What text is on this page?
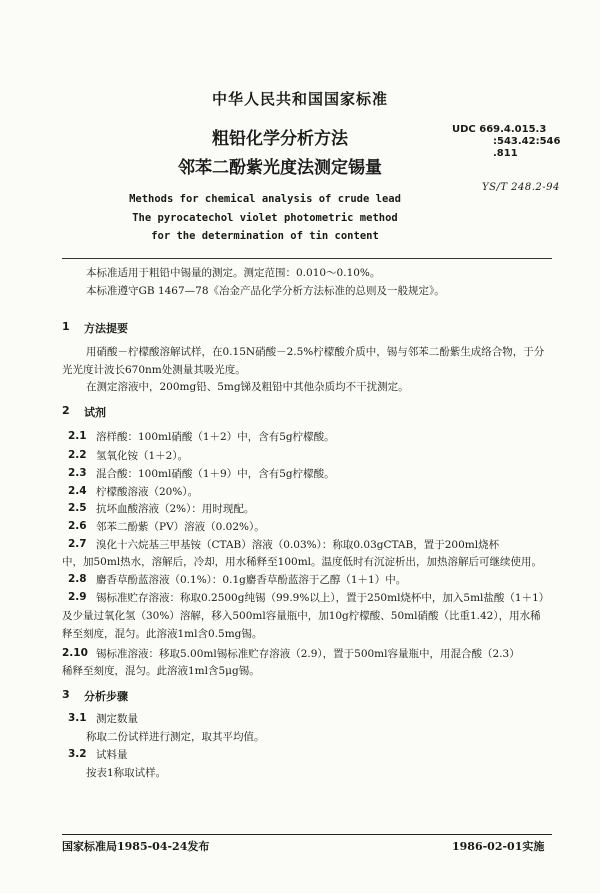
中华人民共和国国家标准
粗铅化学分析方法
邻苯二酚紫光度法测定锡量
UDC 669.4.015.3
:543.42:546
.811
YS/T 248.2-94
Methods for chemical analysis of crude lead
The pyrocatechol violet photometric method
for the determination of tin content
本标准适用于粗铅中锡量的测定。测定范围：0.010～0.10%。
本标准遵守GB 1467—78《冶金产品化学分析方法标准的总则及一般规定》。
1 方法提要
用硝酸－柠檬酸溶解试样，在0.15N硝酸－2.5%柠檬酸介质中，锡与邻苯二酚紫生成络合物，于分
光光度计波长670nm处测量其吸光度。
在测定溶液中，200mg铅、5mg锑及粗铅中其他杂质均不干扰测定。
2 试剂
2.1 溶样酸：100ml硝酸（1＋2）中，含有5g柠檬酸。
2.2 氢氧化铵（1＋2）。
2.3 混合酸：100ml硝酸（1＋9）中，含有5g柠檬酸。
2.4 柠檬酸溶液（20%）。
2.5 抗坏血酸溶液（2%）：用时现配。
2.6 邻苯二酚紫（PV）溶液（0.02%）。
2.7 溴化十六烷基三甲基铵（CTAB）溶液（0.03%）：称取0.03gCTAB，置于200ml烧杯
中，加50ml热水，溶解后，冷却，用水稀释至100ml。温度低时有沉淀析出，加热溶解后可继续使用。
2.8 麝香草酚蓝溶液（0.1%）：0.1g麝香草酚蓝溶于乙醇（1＋1）中。
2.9 锡标准贮存溶液：称取0.2500g纯锡（99.9%以上），置于250ml烧杯中，加入5ml盐酸（1＋1）
及少量过氧化氢（30%）溶解，移入500ml容量瓶中，加10g柠檬酸、50ml硝酸（比重1.42），用水稀
释至刻度，混匀。此溶液1ml含0.5mg锡。
2.10 锡标准溶液：移取5.00ml锡标准贮存溶液（2.9），置于500ml容量瓶中，用混合酸（2.3）
稀释至刻度，混匀。此溶液1ml含5μg锡。
3 分析步骤
3.1 测定数量
称取二份试样进行测定，取其平均值。
3.2 试料量
按表1称取试样。
国家标准局1985-04-24发布	1986-02-01实施
